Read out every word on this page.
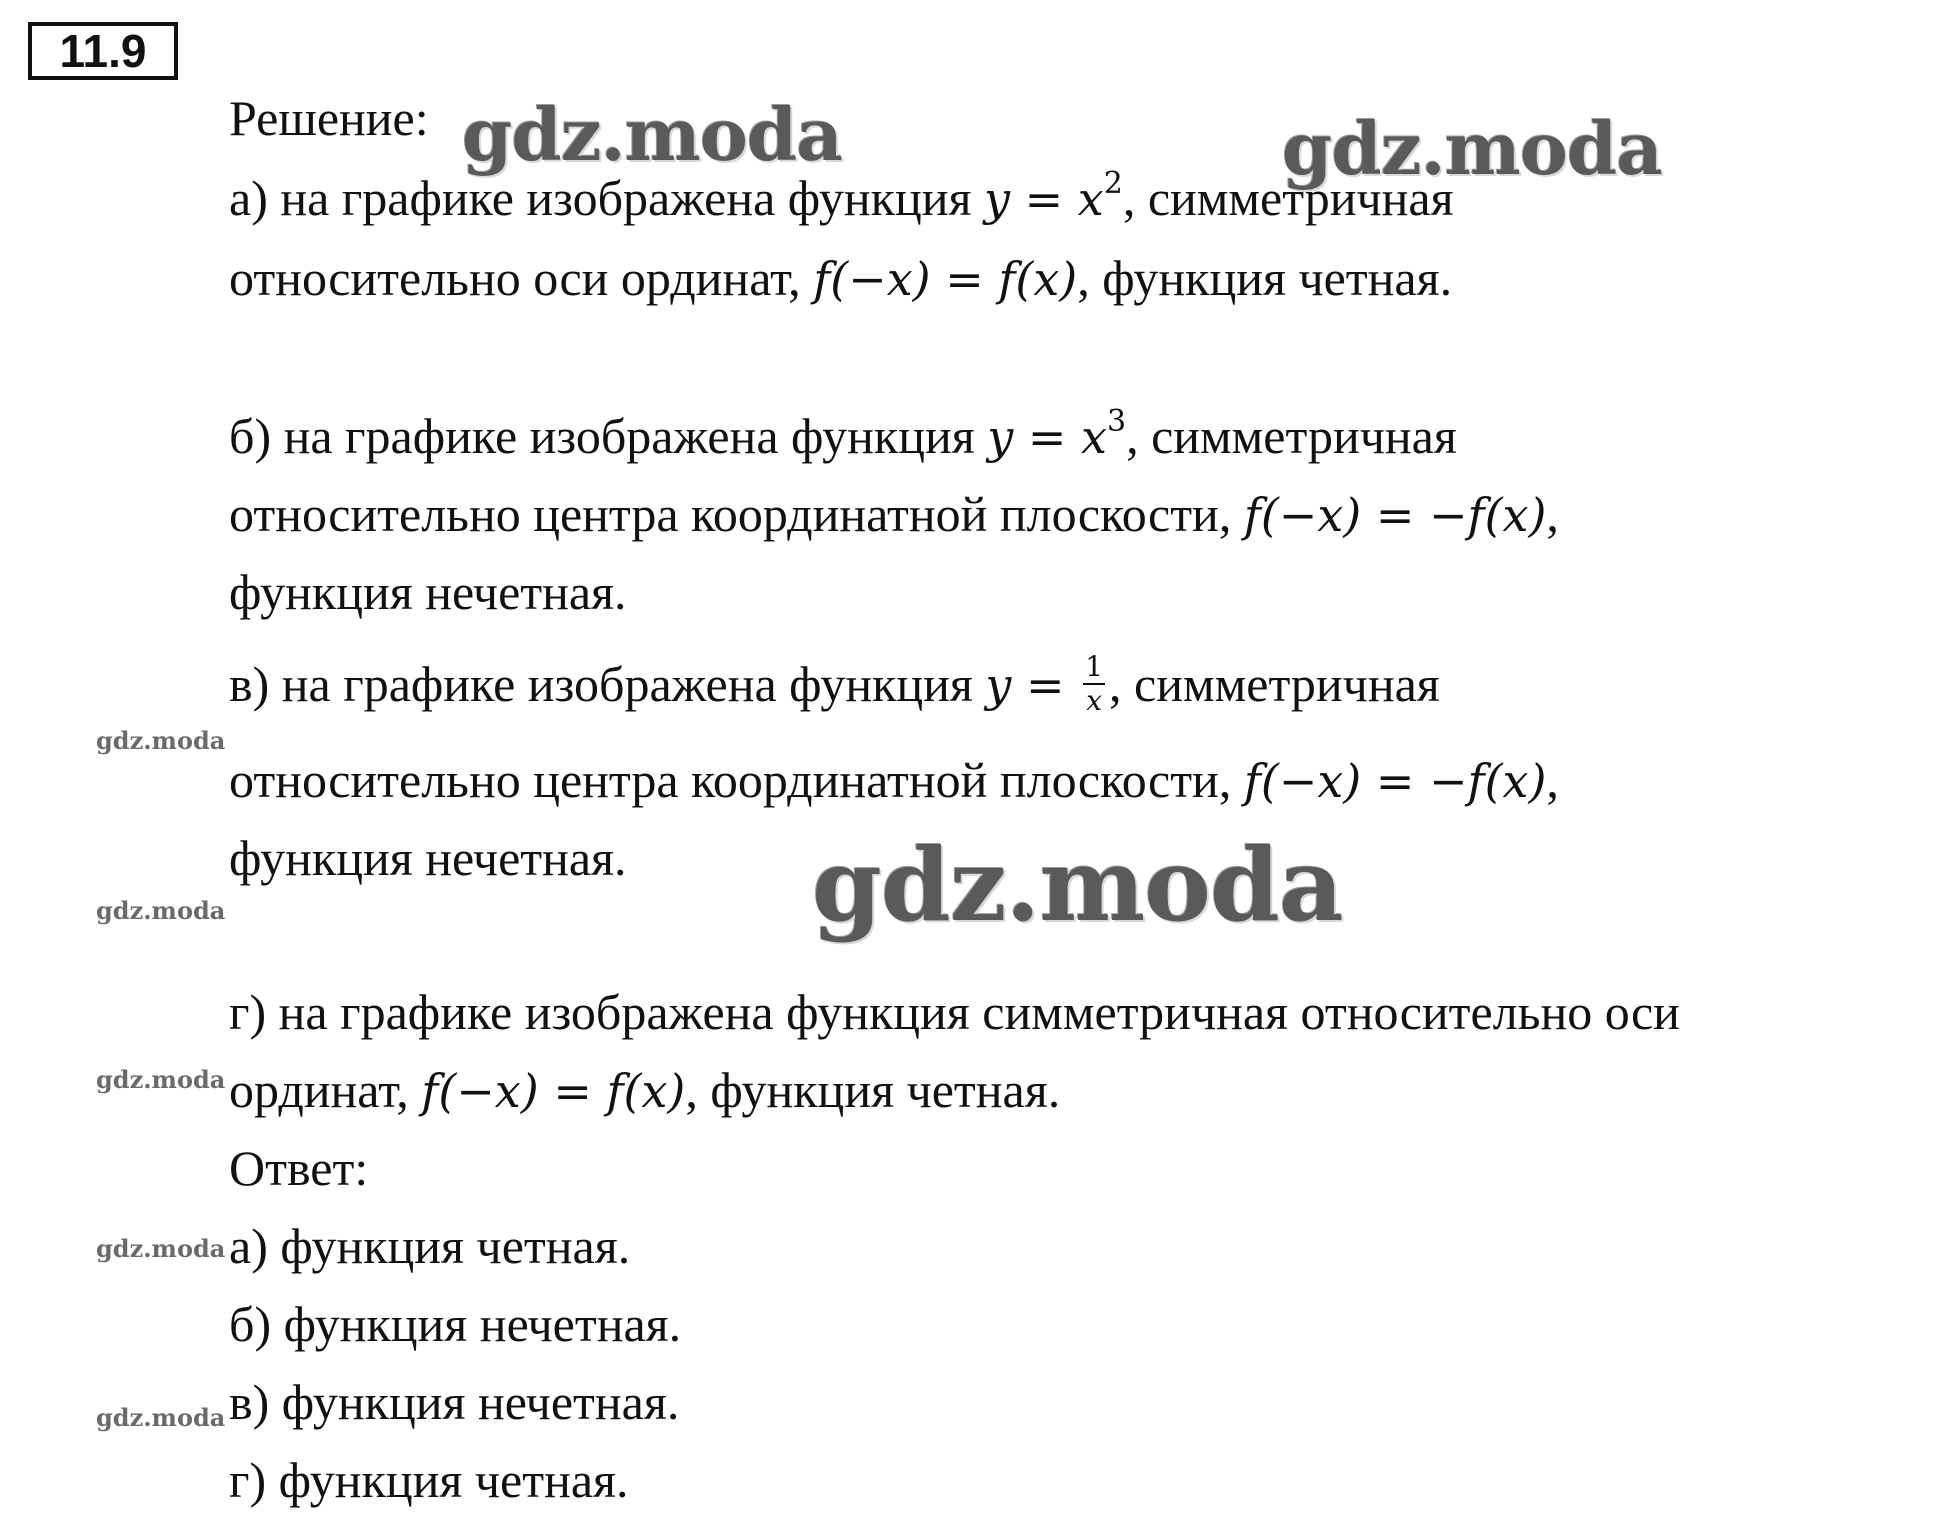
11.9
gdz.moda	gdz.moda
gdz.moda
gdz.moda
gdz.moda
gdz.moda
gdz.moda
gdz.moda
Решение:
а) на графике изображена функция $y = x^2$, симметричная
относительно оси ординат, f(−x) = f(x), функция четная.
б) на графике изображена функция $y = x^3$, симметричная
относительно центра координатной плоскости, f(−x) = −f(x),
функция нечетная.
в) на графике изображена функция $y = \frac{1}{x}$ , симметричная
относительно центра координатной плоскости, f(−x) = −f(x),
функция нечетная.
г) на графике изображена функция симметричная относительно оси
ординат, f(−x) = f(x), функция четная.
Ответ:
а) функция четная.
б) функция нечетная.
в) функция нечетная.
г) функция четная.
